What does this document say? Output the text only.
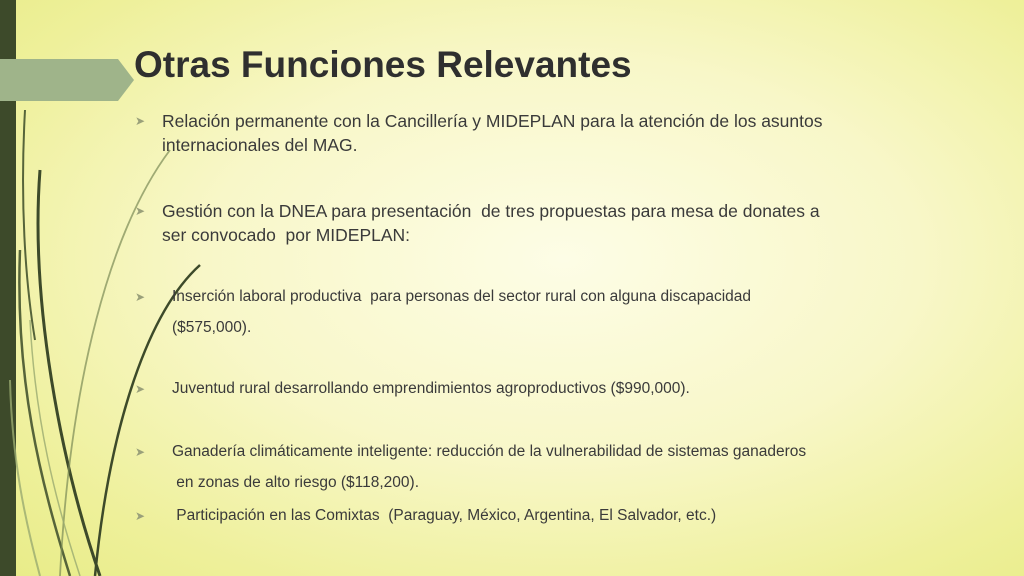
Otras Funciones Relevantes
➤ Relación permanente con la Cancillería y MIDEPLAN para la atención de los asuntos
internacionales del MAG.
➤ Gestión con la DNEA para presentación  de tres propuestas para mesa de donates a
ser convocado  por MIDEPLAN:
➤ Inserción laboral productiva  para personas del sector rural con alguna discapacidad
($575,000).
➤ Juventud rural desarrollando emprendimientos agroproductivos ($990,000).
➤ Ganadería climáticamente inteligente: reducción de la vulnerabilidad de sistemas ganaderos
en zonas de alto riesgo ($118,200).
➤ Participación en las Comixtas  (Paraguay, México, Argentina, El Salvador, etc.)
